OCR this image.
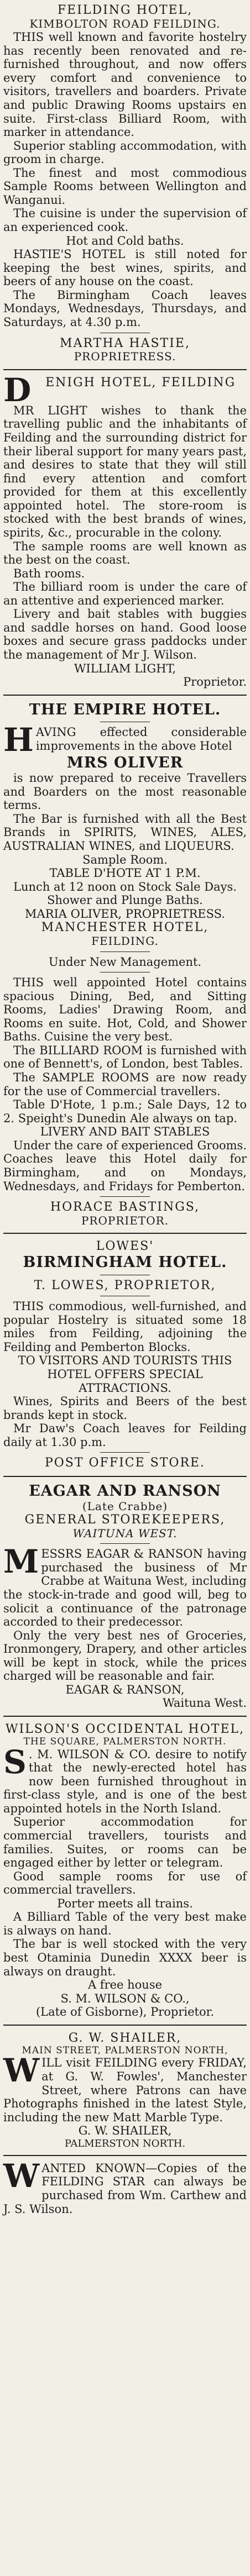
FEILDING HOTEL,
KIMBOLTON ROAD FEILDING.

THIS well known and favorite hostelry has recently been renovated and re-furnished throughout, and now offers every comfort and convenience to visitors, travellers and boarders. Private and public Drawing Rooms upstairs en suite. First-class Billiard Room, with marker in attendance.

Superior stabling accommodation, with groom in charge.

The finest and most commodious Sample Rooms between Wellington and Wanganui.

The cuisine is under the supervision of an experienced cook.

Hot and Cold baths.

HASTIE'S HOTEL is still noted for keeping the best wines, spirits, and beers of any house on the coast.

The Birmingham Coach leaves Mondays, Wednesdays, Thursdays, and Saturdays, at 4.30 p.m.

MARTHA HASTIE,
PROPRIETRESS.
D ENIGH HOTEL, FEILDING

MR LIGHT wishes to thank the travelling public and the inhabitants of Feilding and the surrounding district for their liberal support for many years past, and desires to state that they will still find every attention and comfort provided for them at this excellently appointed hotel. The store-room is stocked with the best brands of wines, spirits, &c., procurable in the colony.

The sample rooms are well known as the best on the coast.

Bath rooms.

The billiard room is under the care of an attentive and experienced marker.

Livery and bait stables with buggies and saddle horses on hand. Good loose boxes and secure grass paddocks under the management of Mr J. Wilson.

WILLIAM LIGHT,
Proprietor.
THE EMPIRE HOTEL.

HAVING effected considerable improvements in the above Hotel

MRS OLIVER

is now prepared to receive Travellers and Boarders on the most reasonable terms.

The Bar is furnished with all the Best Brands in SPIRITS, WINES, ALES, AUSTRALIAN WINES, and LIQUEURS.

Sample Room.
TABLE D'HOTE AT 1 P.M.
Lunch at 12 noon on Stock Sale Days.
Shower and Plunge Baths.
MARIA OLIVER, PROPRIETRESS.
MANCHESTER HOTEL,
FEILDING.
Under New Management.

THIS well appointed Hotel contains spacious Dining, Bed, and Sitting Rooms, Ladies' Drawing Room, and Rooms en suite. Hot, Cold, and Shower Baths. Cuisine the very best.

The BILLIARD ROOM is furnished with one of Bennett's, of London, best Tables.

The SAMPLE ROOMS are now ready for the use of Commercial travellers.

Table D'Hote, 1 p.m.; Sale Days, 12 to 2. Speight's Dunedin Ale always on tap.

LIVERY AND BAIT STABLES

Under the care of experienced Grooms. Coaches leave this Hotel daily for Birmingham, and on Mondays, Wednesdays, and Fridays for Pemberton.

HORACE BASTINGS,
PROPRIETOR.
LOWES'
BIRMINGHAM HOTEL.
T. LOWES, PROPRIETOR,

THIS commodious, well-furnished, and popular Hostelry is situated some 18 miles from Feilding, adjoining the Feilding and Pemberton Blocks.

TO VISITORS AND TOURISTS THIS HOTEL OFFERS SPECIAL ATTRACTIONS.

Wines, Spirits and Beers of the best brands kept in stock.

Mr Daw's Coach leaves for Feilding daily at 1.30 p.m.

POST OFFICE STORE.
EAGAR AND RANSON
(Late Crabbe)
GENERAL STOREKEEPERS,
WAITUNA WEST.

MESSRS EAGAR & RANSON having purchased the business of Mr Crabbe at Waituna West, including the stock-in-trade and good will, beg to solicit a continuance of the patronage accorded to their predecessor.

Only the very best nes of Groceries, Ironmongery, Drapery, and other articles will be kept in stock, while the prices charged will be reasonable and fair.

EAGAR & RANSON,
Waituna West.
WILSON'S OCCIDENTAL HOTEL,
THE SQUARE, PALMERSTON NORTH.

S . M. WILSON & CO. desire to notify that the newly-erected hotel has now been furnished throughout in first-class style, and is one of the best appointed hotels in the North Island.

Superior accommodation for commercial travellers, tourists and families. Suites, or rooms can be engaged either by letter or telegram.

Good sample rooms for use of commercial travellers.

Porter meets all trains.

A Billiard Table of the very best make is always on hand.

The bar is well stocked with the very best Otaminia Dunedin XXXX beer is always on draught.

A free house
S. M. WILSON & CO.,
(Late of Gisborne), Proprietor.
G. W. SHAILER,
MAIN STREET, PALMERSTON NORTH,

WILL visit FEILDING every FRIDAY, at G. W. Fowles', Manchester Street, where Patrons can have Photographs finished in the latest Style, including the new Matt Marble Type.

G. W. SHAILER,
PALMERSTON NORTH.

WANTED KNOWN—Copies of the FEILDING STAR can always be purchased from Wm. Carthew and J. S. Wilson.
